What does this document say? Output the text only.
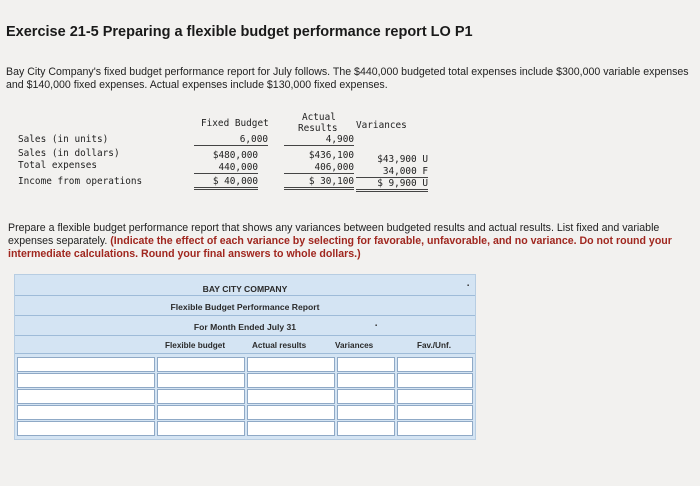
Exercise 21-5 Preparing a flexible budget performance report LO P1
Bay City Company's fixed budget performance report for July follows. The $440,000 budgeted total expenses include $300,000 variable expenses and $140,000 fixed expenses. Actual expenses include $130,000 fixed expenses.
Fixed Budget
Actual
Results Variances
Sales (in units)	6,000	4,900
Sales (in dollars)	$480,000	$436,100	$43,900 U
Total expenses	440,000	406,000	34,000 F
Income from operations	$ 40,000	$ 30,100	$ 9,900 U
Prepare a flexible budget performance report that shows any variances between budgeted results and actual results. List fixed and variable expenses separately. (Indicate the effect of each variance by selecting for favorable, unfavorable, and no variance. Do not round your intermediate calculations. Round your final answers to whole dollars.)
BAY CITY COMPANY
Flexible Budget Performance Report
For Month Ended July 31
▪
▪
Flexible budget	Actual results	Variances	Fav./Unf.
